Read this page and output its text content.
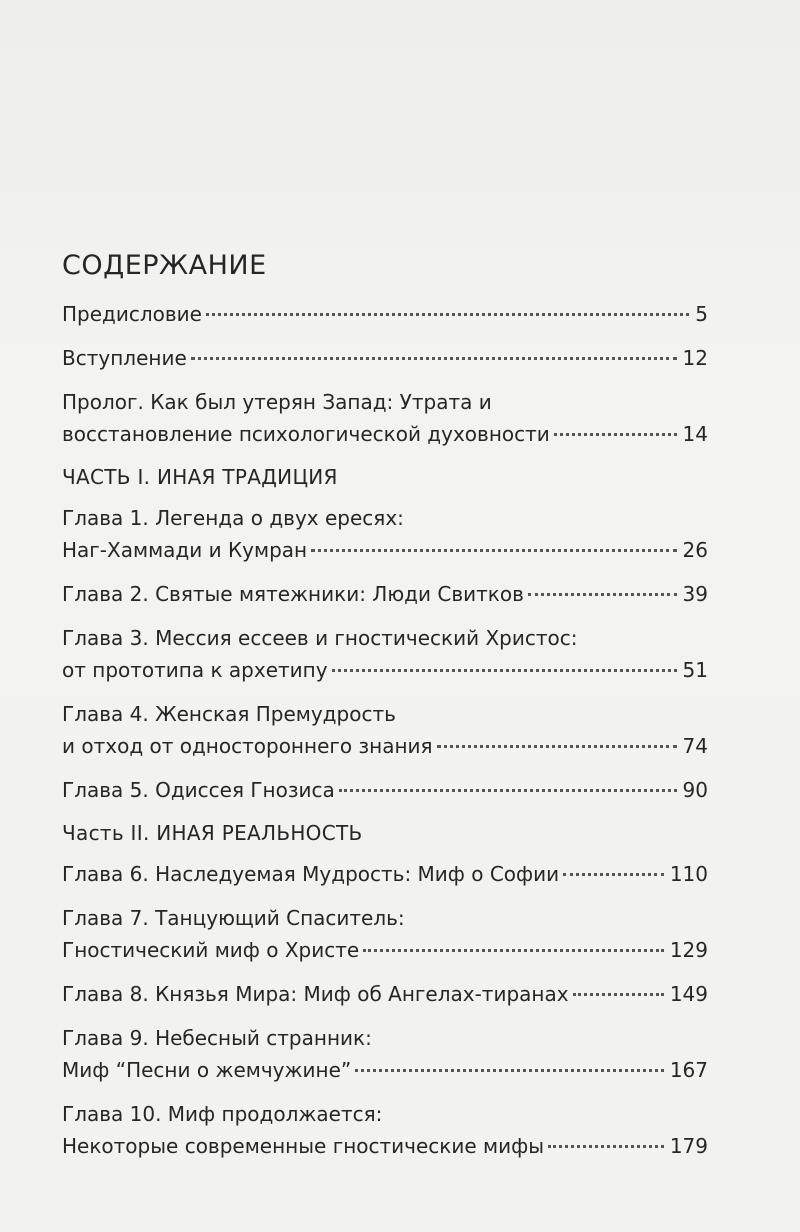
СОДЕРЖАНИЕ
Предисловие	5
Вступление	12
Пролог. Как был утерян Запад: Утрата и
восстановление психологической духовности	14
ЧАСТЬ I. ИНАЯ ТРАДИЦИЯ
Глава 1. Легенда о двух ересях:
Наг-Хаммади и Кумран	26
Глава 2. Святые мятежники: Люди Свитков	39
Глава 3. Мессия ессеев и гностический Христос:
от прототипа к архетипу	51
Глава 4. Женская Премудрость
и отход от одностороннего знания	74
Глава 5. Одиссея Гнозиса	90
Часть II. ИНАЯ РЕАЛЬНОСТЬ
Глава 6. Наследуемая Мудрость: Миф о Софии	110
Глава 7. Танцующий Спаситель:
Гностический миф о Христе	129
Глава 8. Князья Мира: Миф об Ангелах-тиранах	149
Глава 9. Небесный странник:
Миф “Песни о жемчужине”	167
Глава 10. Миф продолжается:
Некоторые современные гностические мифы	179
